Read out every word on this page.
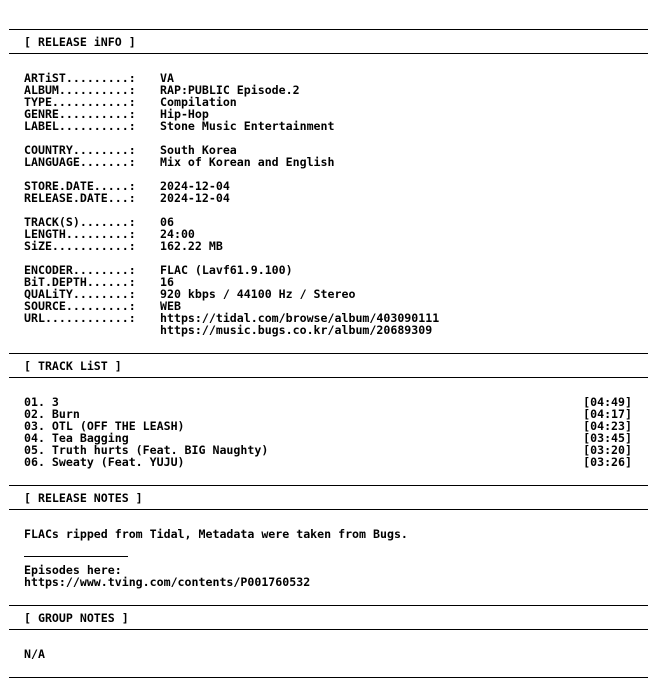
[ RELEASE iNFO ]
ARTiST.........:	VA
ALBUM..........:	RAP:PUBLIC Episode.2
TYPE...........:	Compilation
GENRE..........:	Hip-Hop
LABEL..........:	Stone Music Entertainment
COUNTRY........:	South Korea
LANGUAGE.......:	Mix of Korean and English
STORE.DATE.....:	2024-12-04
RELEASE.DATE...:	2024-12-04
TRACK(S).......:	06
LENGTH.........:	24:00
SiZE...........:	162.22 MB
ENCODER........:	FLAC (Lavf61.9.100)
BiT.DEPTH......:	16
QUALiTY........:	920 kbps / 44100 Hz / Stereo
SOURCE.........:	WEB
URL............:	https://tidal.com/browse/album/403090111
https://music.bugs.co.kr/album/20689309
[ TRACK LiST ]
01. 3	[04:49]
02. Burn	[04:17]
03. OTL (OFF THE LEASH)	[04:23]
04. Tea Bagging	[03:45]
05. Truth hurts (Feat. BIG Naughty)	[03:20]
06. Sweaty (Feat. YUJU)	[03:26]
[ RELEASE NOTES ]
FLACs ripped from Tidal, Metadata were taken from Bugs.
Episodes here:
https://www.tving.com/contents/P001760532
[ GROUP NOTES ]
N/A
